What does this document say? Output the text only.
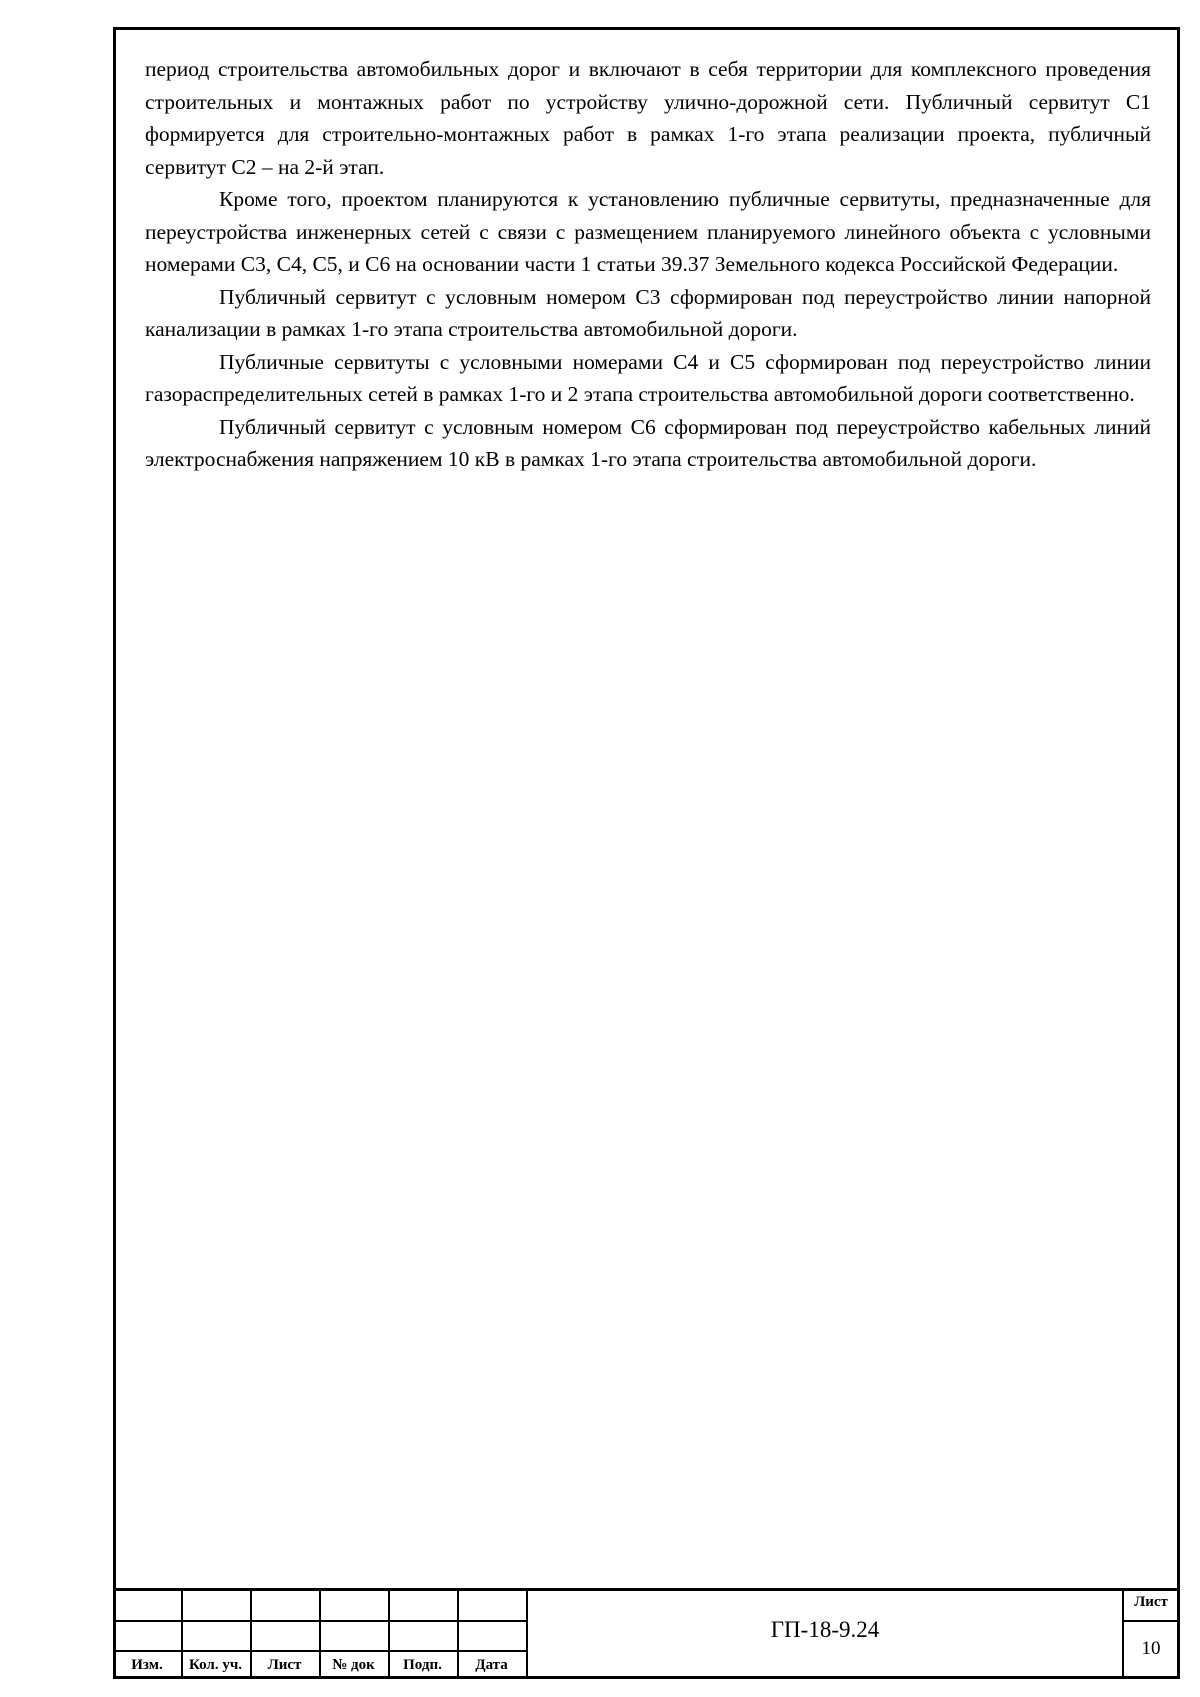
период строительства автомобильных дорог и включают в себя территории для комплексного проведения строительных и монтажных работ по устройству улично-дорожной сети. Публичный сервитут С1 формируется для строительно-монтажных работ в рамках 1-го этапа реализации проекта, публичный сервитут С2 – на 2-й этап.

Кроме того, проектом планируются к установлению публичные сервитуты, предназначенные для переустройства инженерных сетей с связи с размещением планируемого линейного объекта с условными номерами С3, С4, С5, и С6 на основании части 1 статьи 39.37 Земельного кодекса Российской Федерации.

Публичный сервитут с условным номером С3 сформирован под переустройство линии напорной канализации в рамках 1-го этапа строительства автомобильной дороги.

Публичные сервитуты с условными номерами С4 и С5 сформирован под переустройство линии газораспределительных сетей в рамках 1-го и 2 этапа строительства автомобильной дороги соответственно.

Публичный сервитут с условным номером С6 сформирован под переустройство кабельных линий электроснабжения напряжением 10 кВ в рамках 1-го этапа строительства автомобильной дороги.

Изм.	Кол. уч.	Лист	№ док	Подп.	Дата
ГП-18-9.24
Лист
10
